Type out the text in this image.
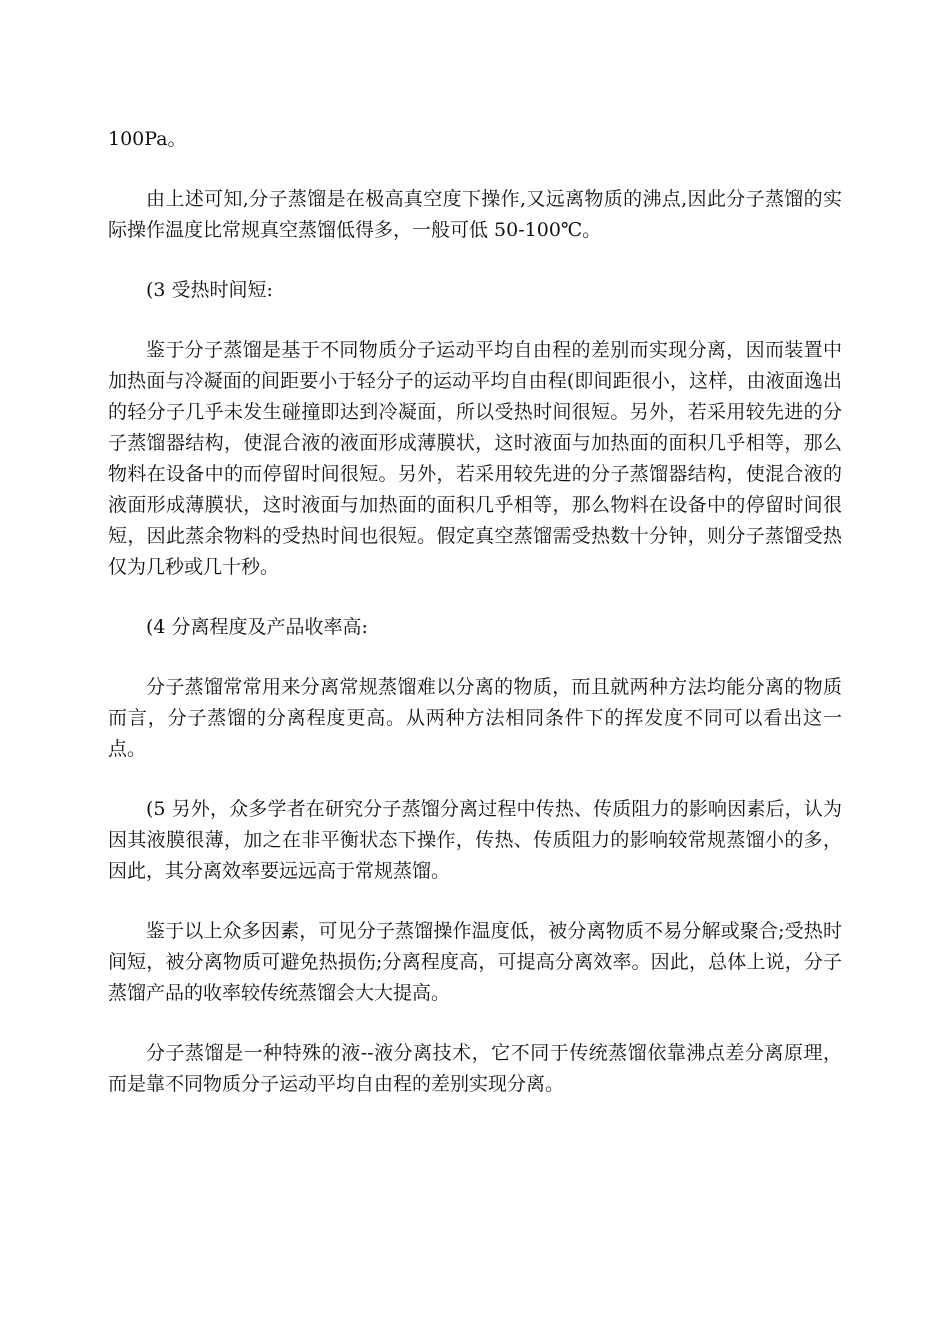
100Pa。

由上述可知,分子蒸馏是在极高真空度下操作,又远离物质的沸点,因此分子蒸馏的实际操作温度比常规真空蒸馏低得多，一般可低 50-100℃。

(3 受热时间短:

鉴于分子蒸馏是基于不同物质分子运动平均自由程的差别而实现分离，因而装置中加热面与冷凝面的间距要小于轻分子的运动平均自由程(即间距很小，这样，由液面逸出的轻分子几乎未发生碰撞即达到冷凝面，所以受热时间很短。另外，若采用较先进的分子蒸馏器结构，使混合液的液面形成薄膜状，这时液面与加热面的面积几乎相等，那么物料在设备中的而停留时间很短。另外，若采用较先进的分子蒸馏器结构，使混合液的液面形成薄膜状，这时液面与加热面的面积几乎相等，那么物料在设备中的停留时间很短，因此蒸余物料的受热时间也很短。假定真空蒸馏需受热数十分钟，则分子蒸馏受热仅为几秒或几十秒。

(4 分离程度及产品收率高:

分子蒸馏常常用来分离常规蒸馏难以分离的物质，而且就两种方法均能分离的物质而言，分子蒸馏的分离程度更高。从两种方法相同条件下的挥发度不同可以看出这一点。

(5 另外，众多学者在研究分子蒸馏分离过程中传热、传质阻力的影响因素后，认为因其液膜很薄，加之在非平衡状态下操作，传热、传质阻力的影响较常规蒸馏小的多，因此，其分离效率要远远高于常规蒸馏。

鉴于以上众多因素，可见分子蒸馏操作温度低，被分离物质不易分解或聚合;受热时间短，被分离物质可避免热损伤;分离程度高，可提高分离效率。因此，总体上说，分子蒸馏产品的收率较传统蒸馏会大大提高。

分子蒸馏是一种特殊的液--液分离技术，它不同于传统蒸馏依靠沸点差分离原理，而是靠不同物质分子运动平均自由程的差别实现分离。
